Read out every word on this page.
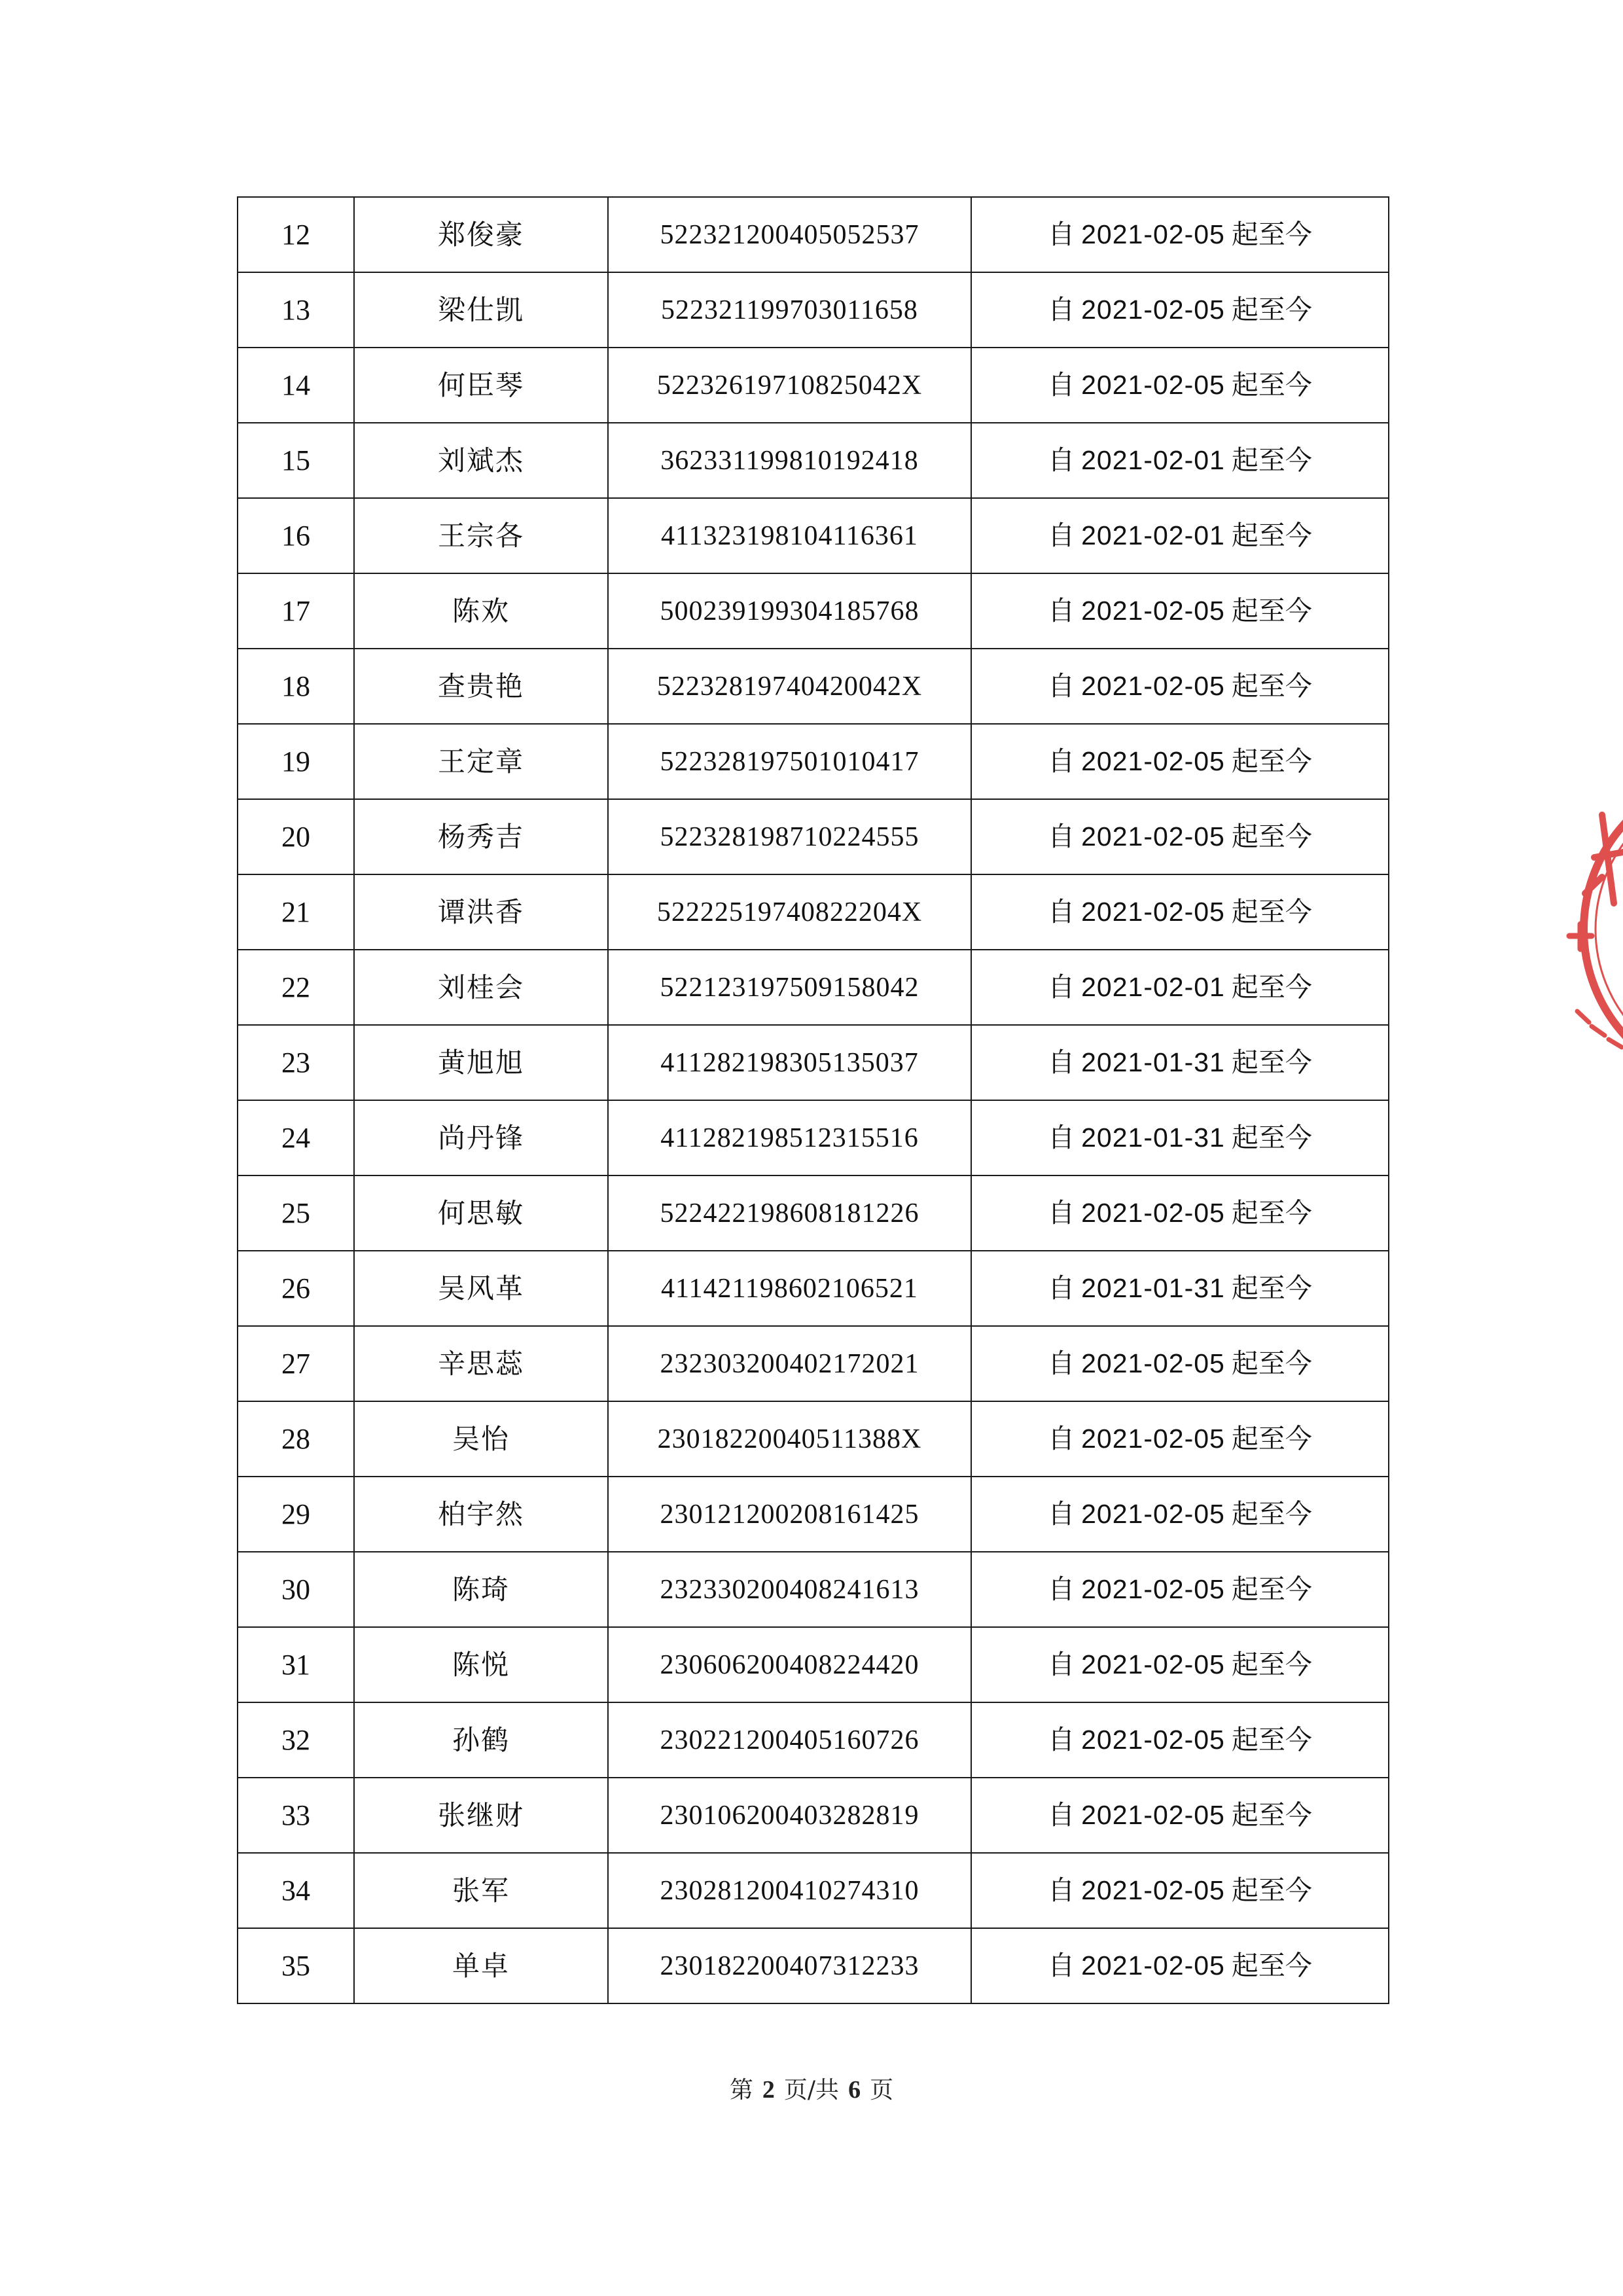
12	郑俊豪	522321200405052537	自 2021-02-05 起至今
13	梁仕凯	522321199703011658	自 2021-02-05 起至今
14	何臣琴	52232619710825042X	自 2021-02-05 起至今
15	刘斌杰	362331199810192418	自 2021-02-01 起至今
16	王宗各	411323198104116361	自 2021-02-01 起至今
17	陈欢	500239199304185768	自 2021-02-05 起至今
18	查贵艳	52232819740420042X	自 2021-02-05 起至今
19	王定章	522328197501010417	自 2021-02-05 起至今
20	杨秀吉	522328198710224555	自 2021-02-05 起至今
21	谭洪香	52222519740822204X	自 2021-02-05 起至今
22	刘桂会	522123197509158042	自 2021-02-01 起至今
23	黄旭旭	411282198305135037	自 2021-01-31 起至今
24	尚丹锋	411282198512315516	自 2021-01-31 起至今
25	何思敏	522422198608181226	自 2021-02-05 起至今
26	吴风革	411421198602106521	自 2021-01-31 起至今
27	辛思蕊	232303200402172021	自 2021-02-05 起至今
28	吴怡	23018220040511388X	自 2021-02-05 起至今
29	柏宇然	230121200208161425	自 2021-02-05 起至今
30	陈琦	232330200408241613	自 2021-02-05 起至今
31	陈悦	230606200408224420	自 2021-02-05 起至今
32	孙鹤	230221200405160726	自 2021-02-05 起至今
33	张继财	230106200403282819	自 2021-02-05 起至今
34	张军	230281200410274310	自 2021-02-05 起至今
35	单卓	230182200407312233	自 2021-02-05 起至今
第 2 页/共 6 页
